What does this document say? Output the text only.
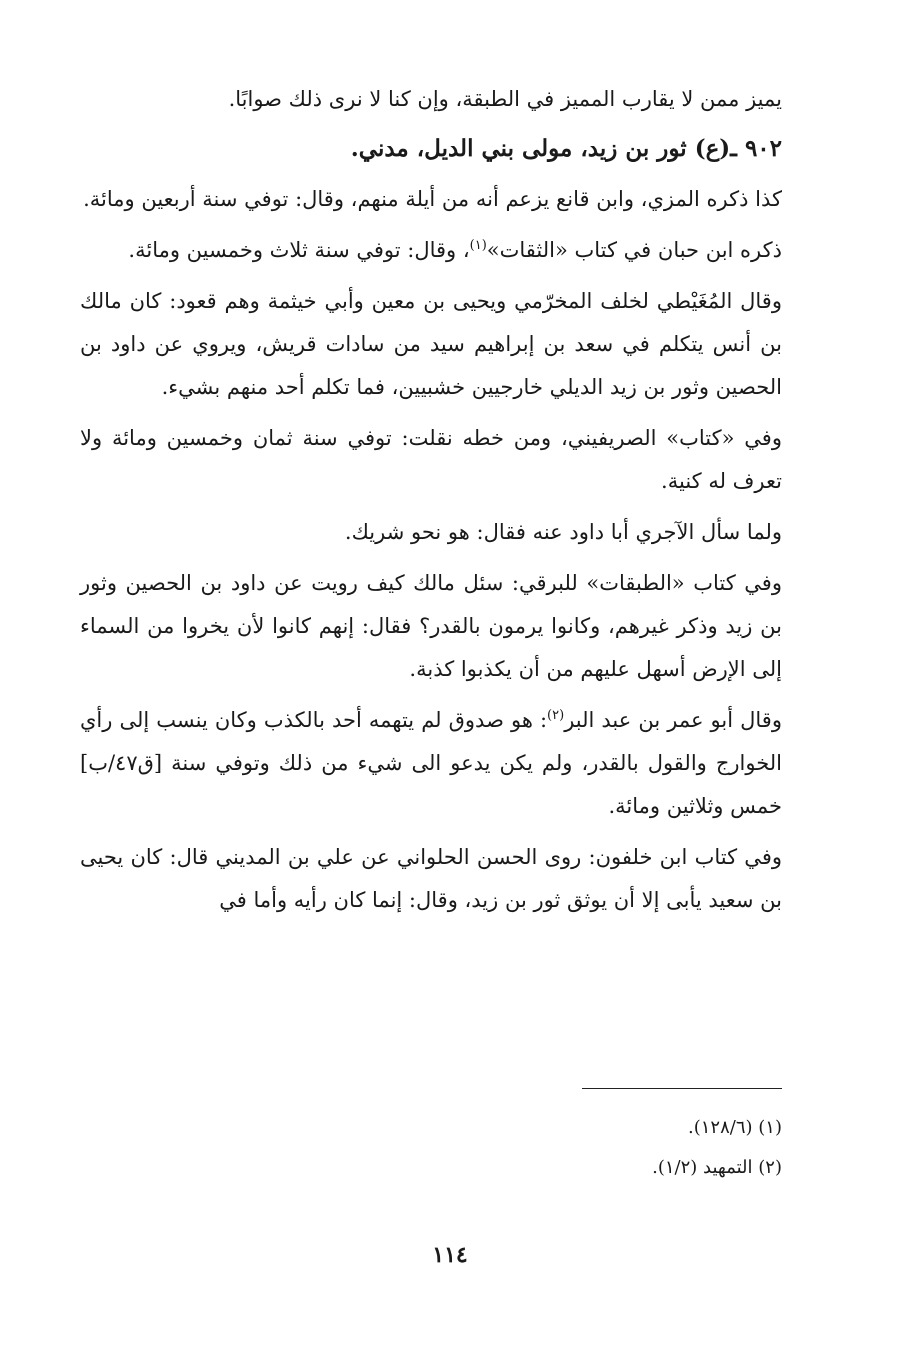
يميز ممن لا يقارب المميز في الطبقة، وإن كنا لا نرى ذلك صوابًا.

٩٠٢ ـ(ع) ثور بن زيد، مولى بني الديل، مدني.

كذا ذكره المزي، وابن قانع يزعم أنه من أيلة منهم، وقال: توفي سنة أربعين ومائة.

ذكره ابن حبان في كتاب «الثقات»$^{(١)}$، وقال: توفي سنة ثلاث وخمسين ومائة.

وقال المُغَيْطي لخلف المخرّمي ويحيى بن معين وأبي خيثمة وهم قعود: كان مالك بن أنس يتكلم في سعد بن إبراهيم سيد من سادات قريش، ويروي عن داود بن الحصين وثور بن زيد الديلي خارجيين خشبيين، فما تكلم أحد منهم بشيء.

وفي «كتاب» الصريفيني، ومن خطه نقلت: توفي سنة ثمان وخمسين ومائة ولا تعرف له كنية.

ولما سأل الآجري أبا داود عنه فقال: هو نحو شريك.

وفي كتاب «الطبقات» للبرقي: سئل مالك كيف رويت عن داود بن الحصين وثور بن زيد وذكر غيرهم، وكانوا يرمون بالقدر؟ فقال: إنهم كانوا لأن يخروا من السماء إلى الإرض أسهل عليهم من أن يكذبوا كذبة.

وقال أبو عمر بن عبد البر$^{(٢)}$: هو صدوق لم يتهمه أحد بالكذب وكان ينسب إلى رأي الخوارج والقول بالقدر، ولم يكن يدعو الى شيء من ذلك وتوفي سنة [ق٤٧/ب] خمس وثلاثين ومائة.

وفي كتاب ابن خلفون: روى الحسن الحلواني عن علي بن المديني قال: كان يحيى بن سعيد يأبى إلا أن يوثق ثور بن زيد، وقال: إنما كان رأيه وأما في

(١) (١٢٨/٦).

(٢) التمهيد (١/٢).

١١٤
